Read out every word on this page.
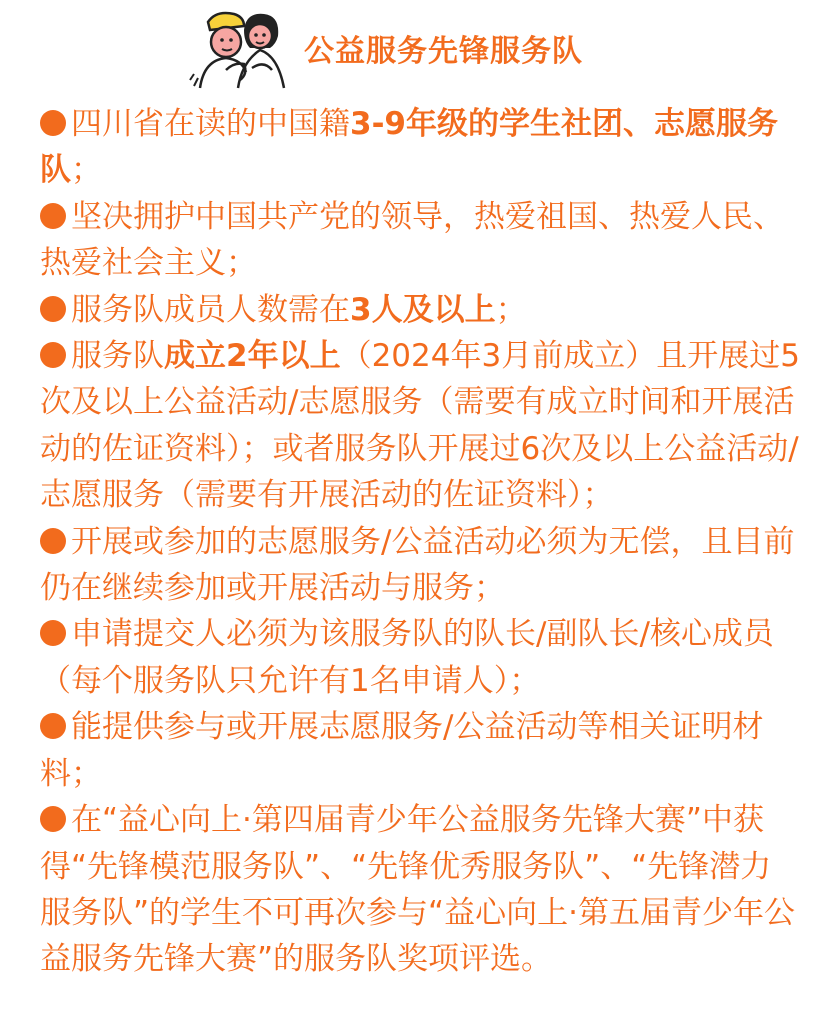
公益服务先锋服务队

四川省在读的中国籍3-9年级的学生社团、志愿服务队；

坚决拥护中国共产党的领导，热爱祖国、热爱人民、热爱社会主义；

服务队成员人数需在3人及以上；

服务队成立2年以上（2024年3月前成立）且开展过5次及以上公益活动/志愿服务（需要有成立时间和开展活动的佐证资料）；或者服务队开展过6次及以上公益活动/志愿服务（需要有开展活动的佐证资料）；

开展或参加的志愿服务/公益活动必须为无偿，且目前仍在继续参加或开展活动与服务；

申请提交人必须为该服务队的队长/副队长/核心成员（每个服务队只允许有1名申请人）；

能提供参与或开展志愿服务/公益活动等相关证明材料；

在“益心向上·第四届青少年公益服务先锋大赛”中获得“先锋模范服务队”、“先锋优秀服务队”、“先锋潜力服务队”的学生不可再次参与“益心向上·第五届青少年公益服务先锋大赛”的服务队奖项评选。
